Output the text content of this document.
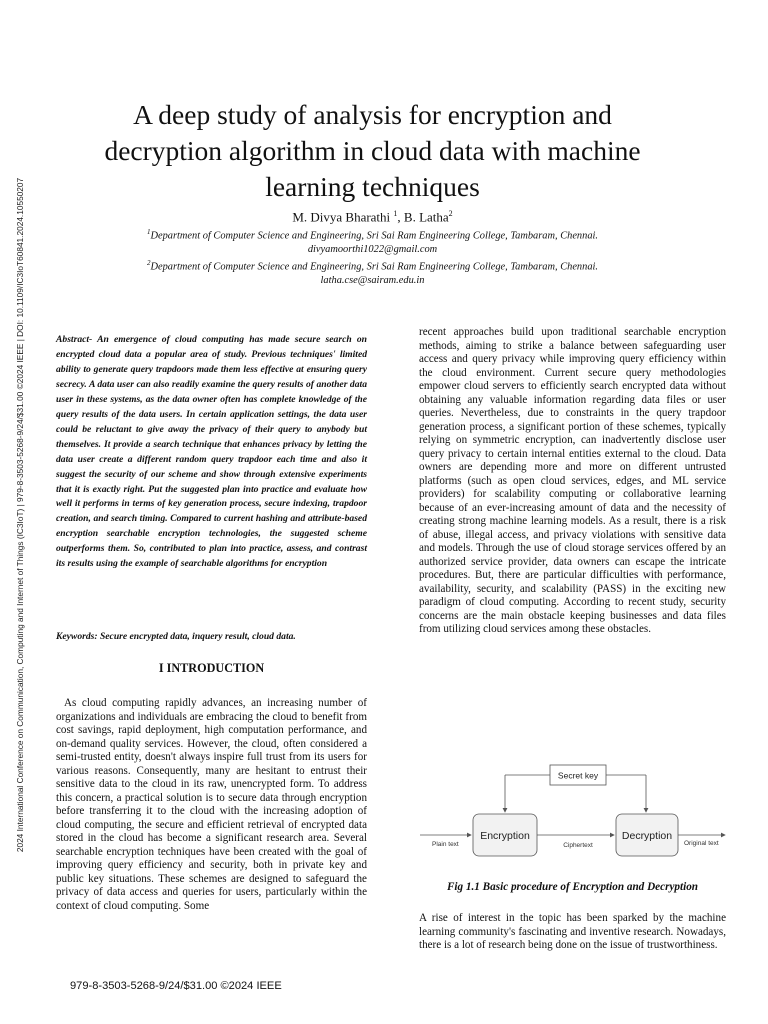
2024 International Conference on Communication, Computing and Internet of Things (IC3IoT) | 979-8-3503-5268-9/24/$31.00 ©2024 IEEE | DOI: 10.1109/IC3IoT60841.2024.10550207
A deep study of analysis for encryption and decryption algorithm in cloud data with machine learning techniques
M. Divya Bharathi $^1$, B. Latha$^2$
$^1$Department of Computer Science and Engineering, Sri Sai Ram Engineering College, Tambaram, Chennai.
divyamoorthi1022@gmail.com
$^2$Department of Computer Science and Engineering, Sri Sai Ram Engineering College, Tambaram, Chennai.
latha.cse@sairam.edu.in

Abstract- An emergence of cloud computing has made secure search on encrypted cloud data a popular area of study. Previous techniques' limited ability to generate query trapdoors made them less effective at ensuring query secrecy. A data user can also readily examine the query results of another data user in these systems, as the data owner often has complete knowledge of the query results of the data users. In certain application settings, the data user could be reluctant to give away the privacy of their query to anybody but themselves. It provide a search technique that enhances privacy by letting the data user create a different random query trapdoor each time and also it suggest the security of our scheme and show through extensive experiments that it is exactly right. Put the suggested plan into practice and evaluate how well it performs in terms of key generation process, secure indexing, trapdoor creation, and search timing. Compared to current hashing and attribute-based encryption searchable encryption technologies, the suggested scheme outperforms them. So, contributed to plan into practice, assess, and contrast its results using the example of searchable algorithms for encryption

Keywords: Secure encrypted data, inquery result, cloud data.

I INTRODUCTION

As cloud computing rapidly advances, an increasing number of organizations and individuals are embracing the cloud to benefit from cost savings, rapid deployment, high computation performance, and on-demand quality services. However, the cloud, often considered a semi-trusted entity, doesn't always inspire full trust from its users for various reasons. Consequently, many are hesitant to entrust their sensitive data to the cloud in its raw, unencrypted form. To address this concern, a practical solution is to secure data through encryption before transferring it to the cloud with the increasing adoption of cloud computing, the secure and efficient retrieval of encrypted data stored in the cloud has become a significant research area. Several searchable encryption techniques have been created with the goal of improving query efficiency and security, both in private key and public key situations. These schemes are designed to safeguard the privacy of data access and queries for users, particularly within the context of cloud computing. Some

recent approaches build upon traditional searchable encryption methods, aiming to strike a balance between safeguarding user access and query privacy while improving query efficiency within the cloud environment. Current secure query methodologies empower cloud servers to efficiently search encrypted data without obtaining any valuable information regarding data files or user queries. Nevertheless, due to constraints in the query trapdoor generation process, a significant portion of these schemes, typically relying on symmetric encryption, can inadvertently disclose user query privacy to certain internal entities external to the cloud. Data owners are depending more and more on different untrusted platforms (such as open cloud services, edges, and ML service providers) for scalability computing or collaborative learning because of an ever-increasing amount of data and the necessity of creating strong machine learning models. As a result, there is a risk of abuse, illegal access, and privacy violations with sensitive data and models. Through the use of cloud storage services offered by an authorized service provider, data owners can escape the intricate procedures. But, there are particular difficulties with performance, availability, security, and scalability (PASS) in the exciting new paradigm of cloud computing. According to recent study, security concerns are the main obstacle keeping businesses and data files from utilizing cloud services among these obstacles.

Secret key
Encryption	Decryption
Plain text	Ciphertext	Original text
Fig 1.1 Basic procedure of Encryption and Decryption

A rise of interest in the topic has been sparked by the machine learning community's fascinating and inventive research. Nowadays, there is a lot of research being done on the issue of trustworthiness.

979-8-3503-5268-9/24/$31.00 ©2024 IEEE
